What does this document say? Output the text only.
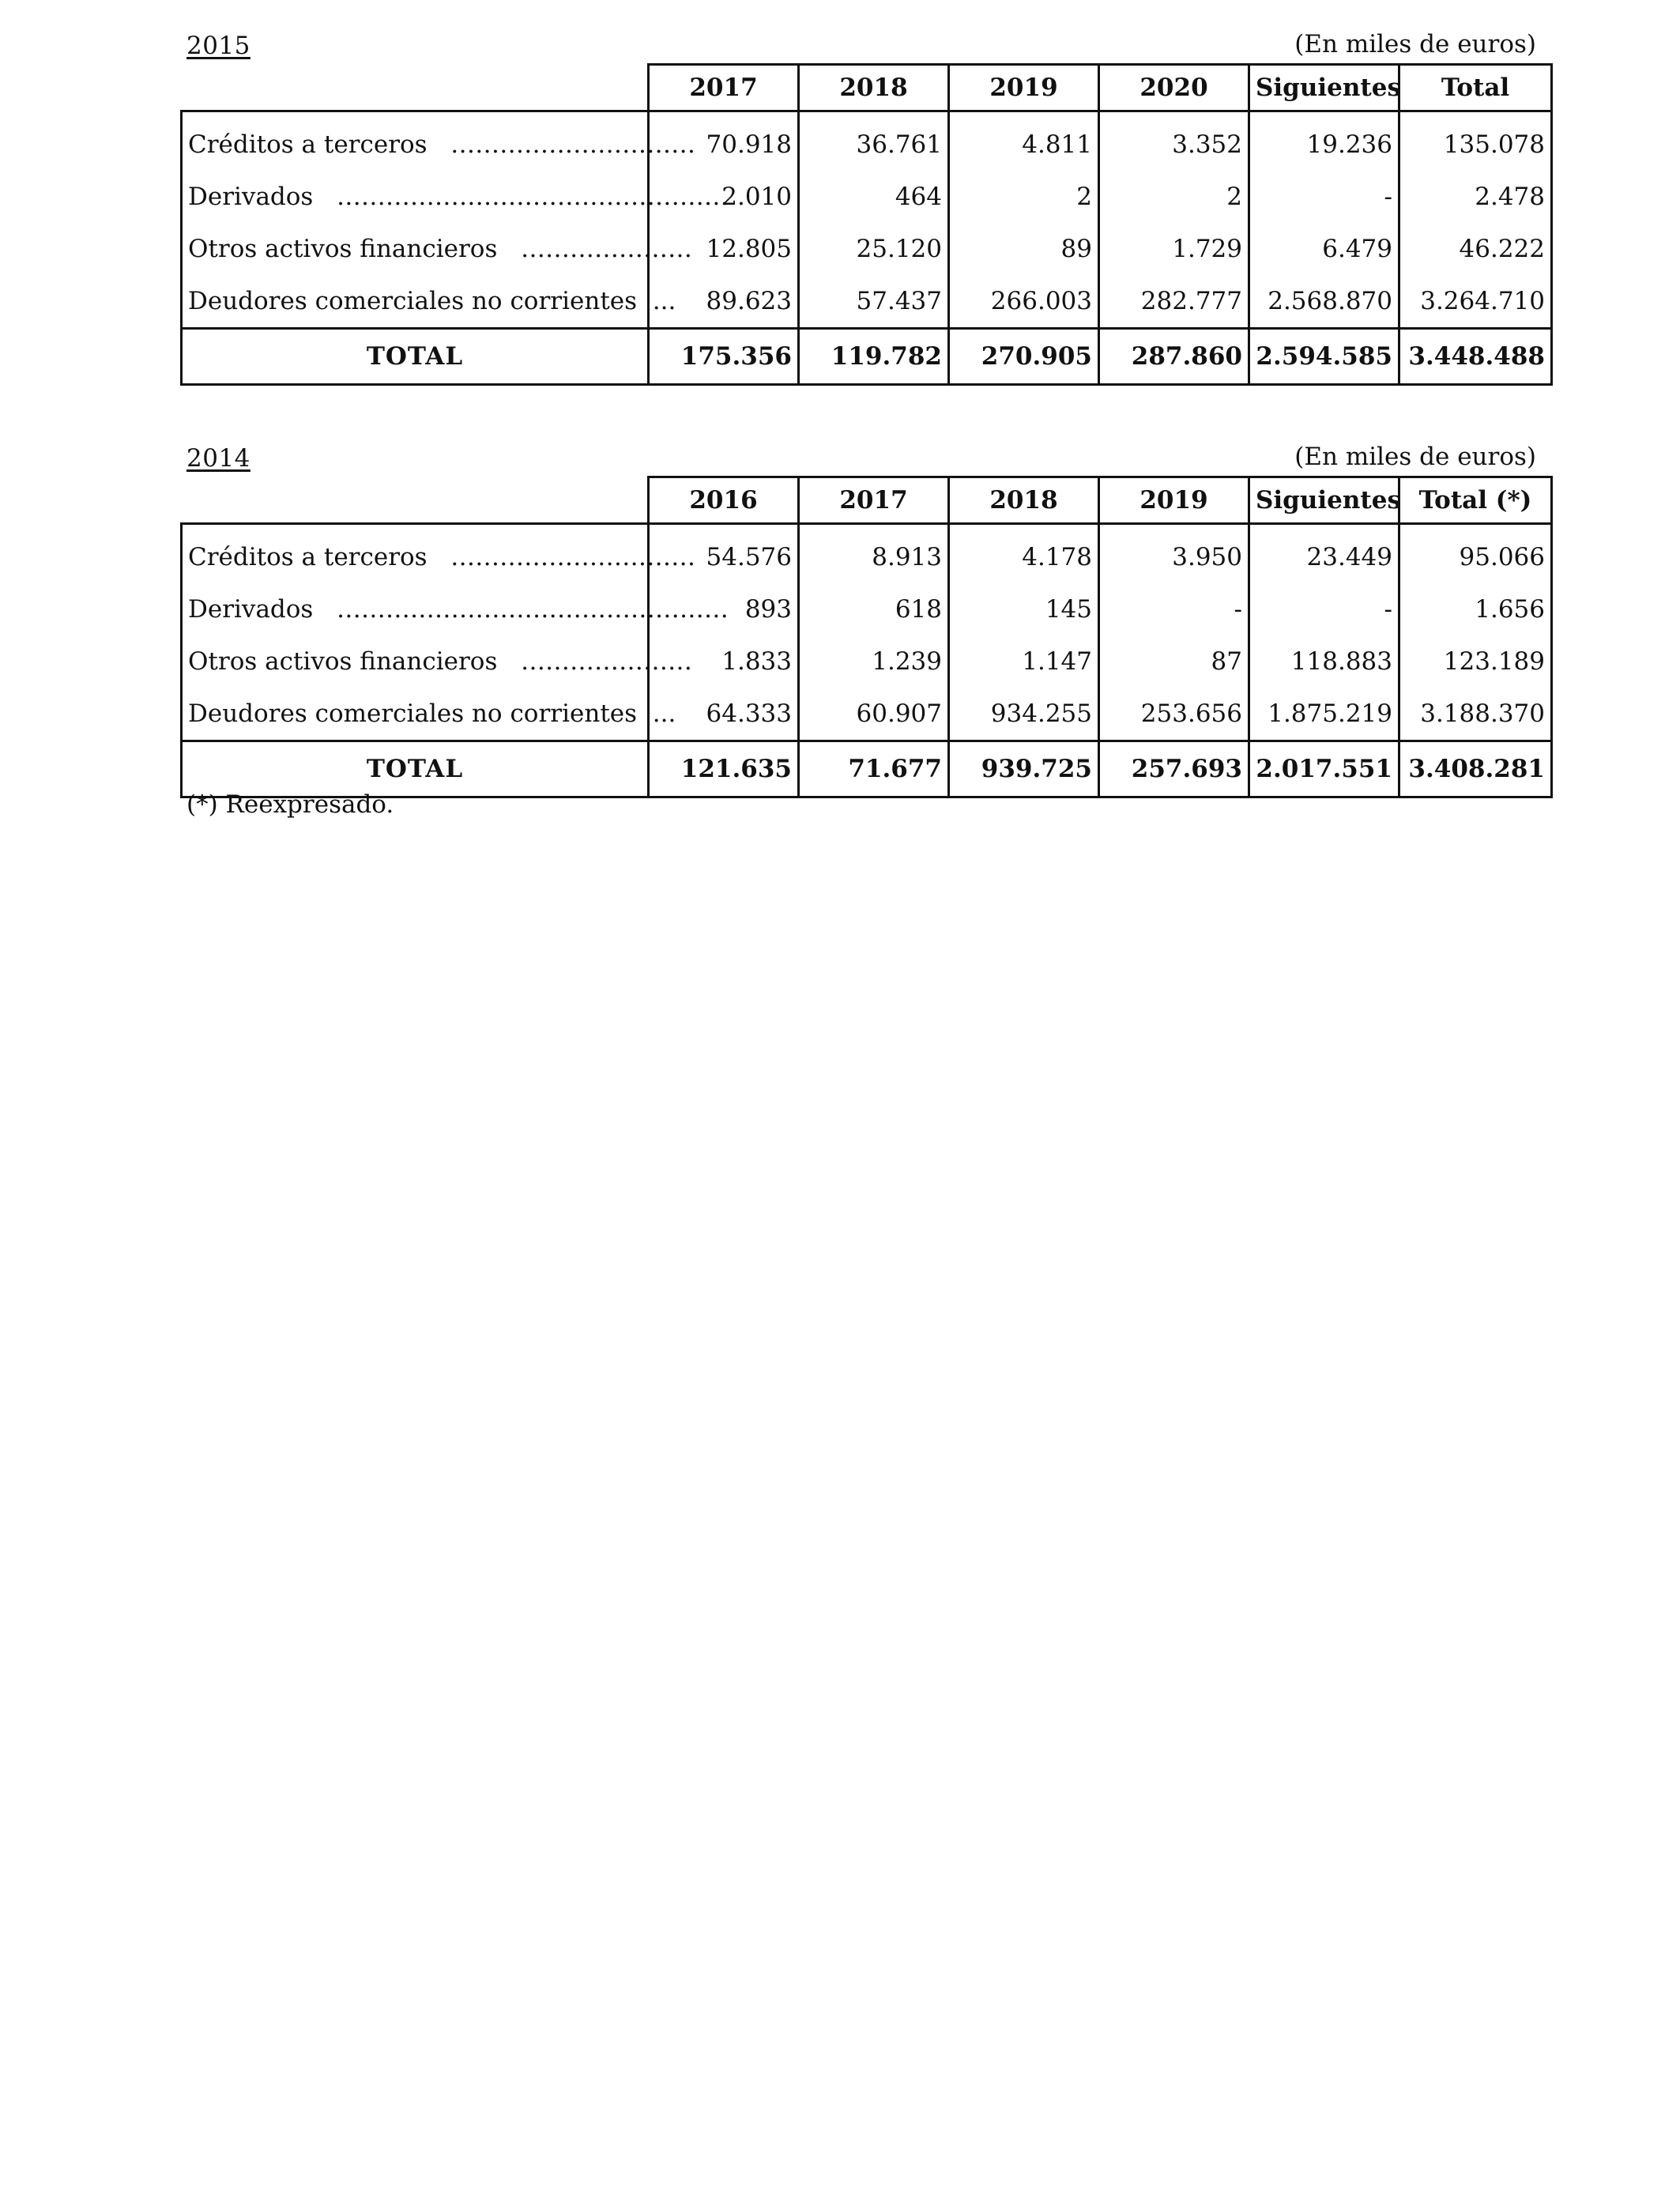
2015	(En miles de euros)
	2017	2018	2019	2020	Siguientes	Total
Créditos a terceros …………………………	70.918	36.761	4.811	3.352	19.236	135.078
Derivados …………………………………………	2.010	464	2	2	-	2.478
Otros activos financieros …………………	12.805	25.120	89	1.729	6.479	46.222
Deudores comerciales no corrientes ...	89.623	57.437	266.003	282.777	2.568.870	3.264.710
TOTAL	175.356	119.782	270.905	287.860	2.594.585	3.448.488
2014	(En miles de euros)
	2016	2017	2018	2019	Siguientes	Total (*)
Créditos a terceros …………………………	54.576	8.913	4.178	3.950	23.449	95.066
Derivados …………………………………………	893	618	145	-	-	1.656
Otros activos financieros …………………	1.833	1.239	1.147	87	118.883	123.189
Deudores comerciales no corrientes ...	64.333	60.907	934.255	253.656	1.875.219	3.188.370
TOTAL	121.635	71.677	939.725	257.693	2.017.551	3.408.281
(*) Reexpresado.
